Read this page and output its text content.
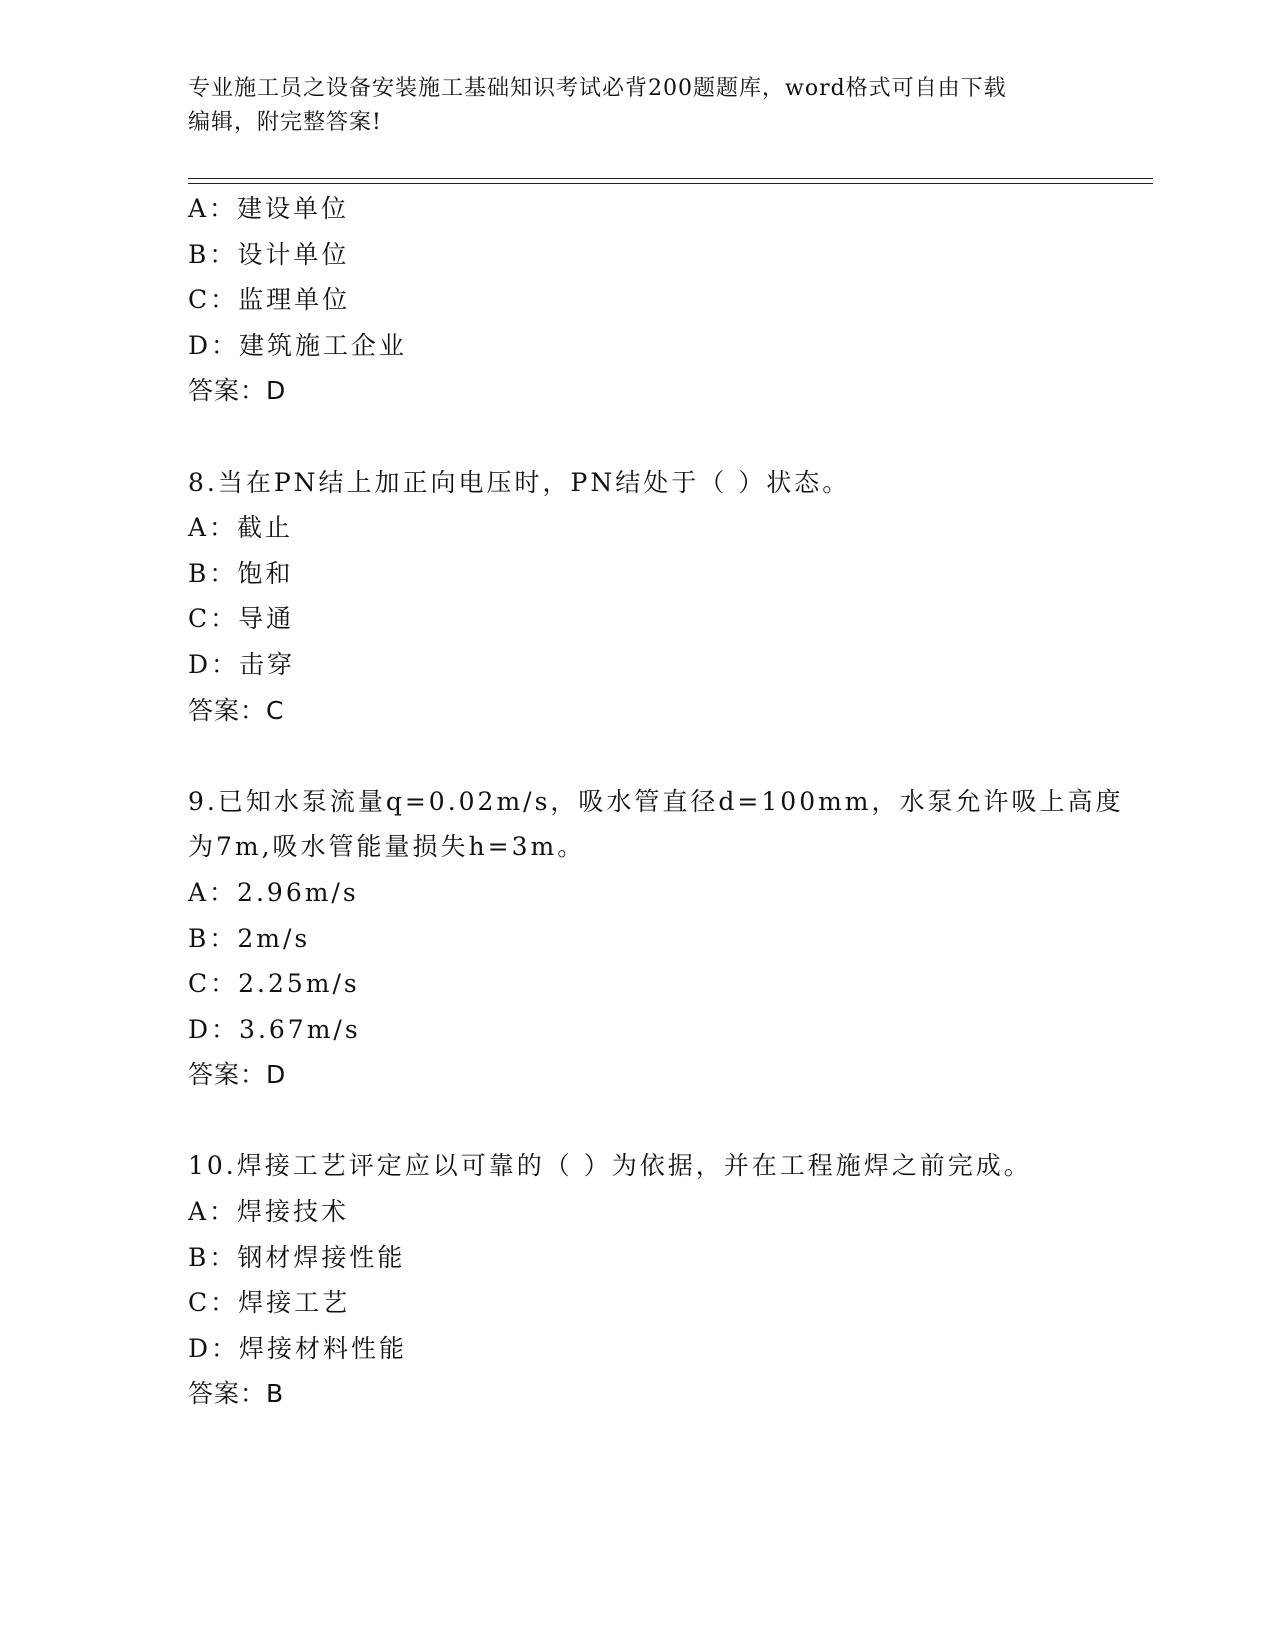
专业施工员之设备安装施工基础知识考试必背200题题库，word格式可自由下载
编辑，附完整答案!
A：建设单位
B：设计单位
C：监理单位
D：建筑施工企业
答案：D
8.当在PN结上加正向电压时，PN结处于（ ）状态。
A：截止
B：饱和
C：导通
D：击穿
答案：C
9.已知水泵流量q=0.02m/s，吸水管直径d=100mm，水泵允许吸上高度
为7m,吸水管能量损失h=3m。
A：2.96m/s
B：2m/s
C：2.25m/s
D：3.67m/s
答案：D
10.焊接工艺评定应以可靠的（ ）为依据，并在工程施焊之前完成。
A：焊接技术
B：钢材焊接性能
C：焊接工艺
D：焊接材料性能
答案：B
